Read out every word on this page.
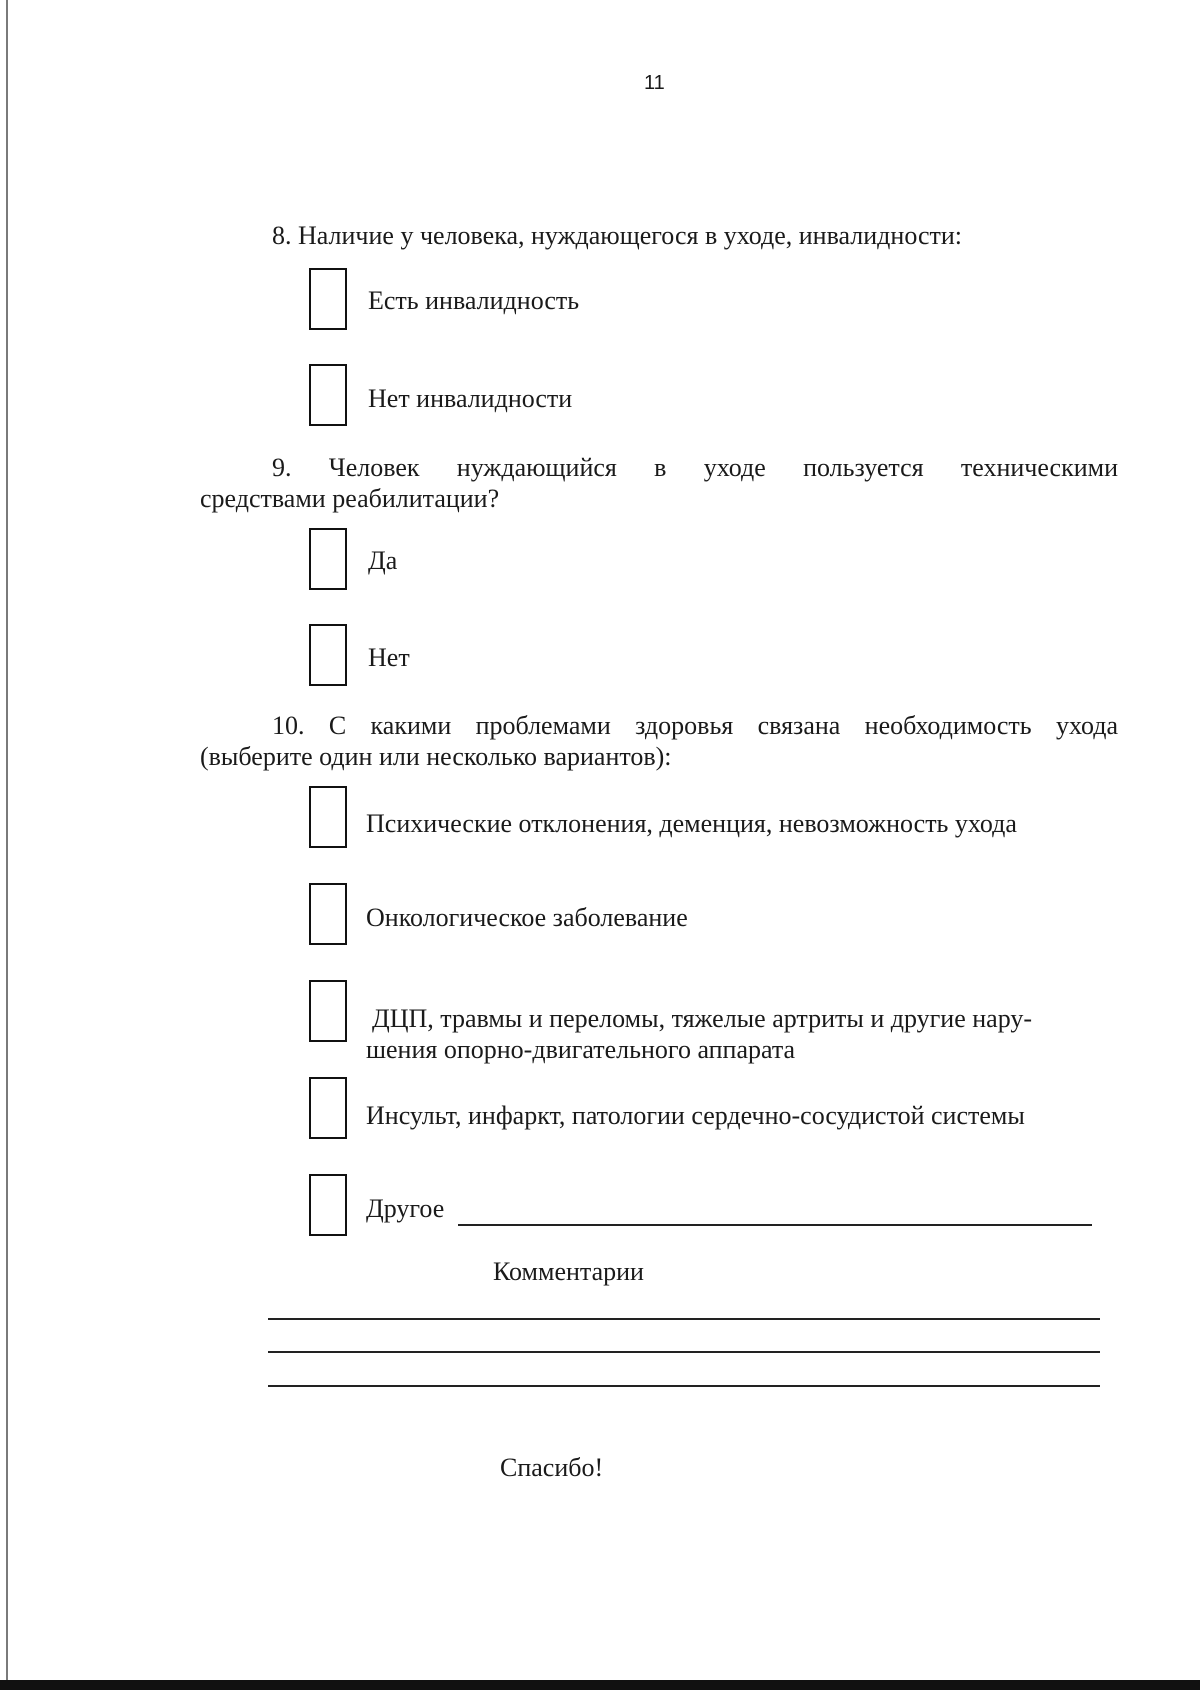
11
8. Наличие у человека, нуждающегося в уходе, инвалидности:
Есть инвалидность
Нет инвалидности
9. Человек нуждающийся в уходе пользуется техническими
средствами реабилитации?
Да
Нет
10. С какими проблемами здоровья связана необходимость ухода
(выберите один или несколько вариантов):
Психические отклонения, деменция, невозможность ухода
Онкологическое заболевание
ДЦП, травмы и переломы, тяжелые артриты и другие нару-
шения опорно-двигательного аппарата
Инсульт, инфаркт, патологии сердечно-сосудистой системы
Другое
Комментарии
Спасибо!
